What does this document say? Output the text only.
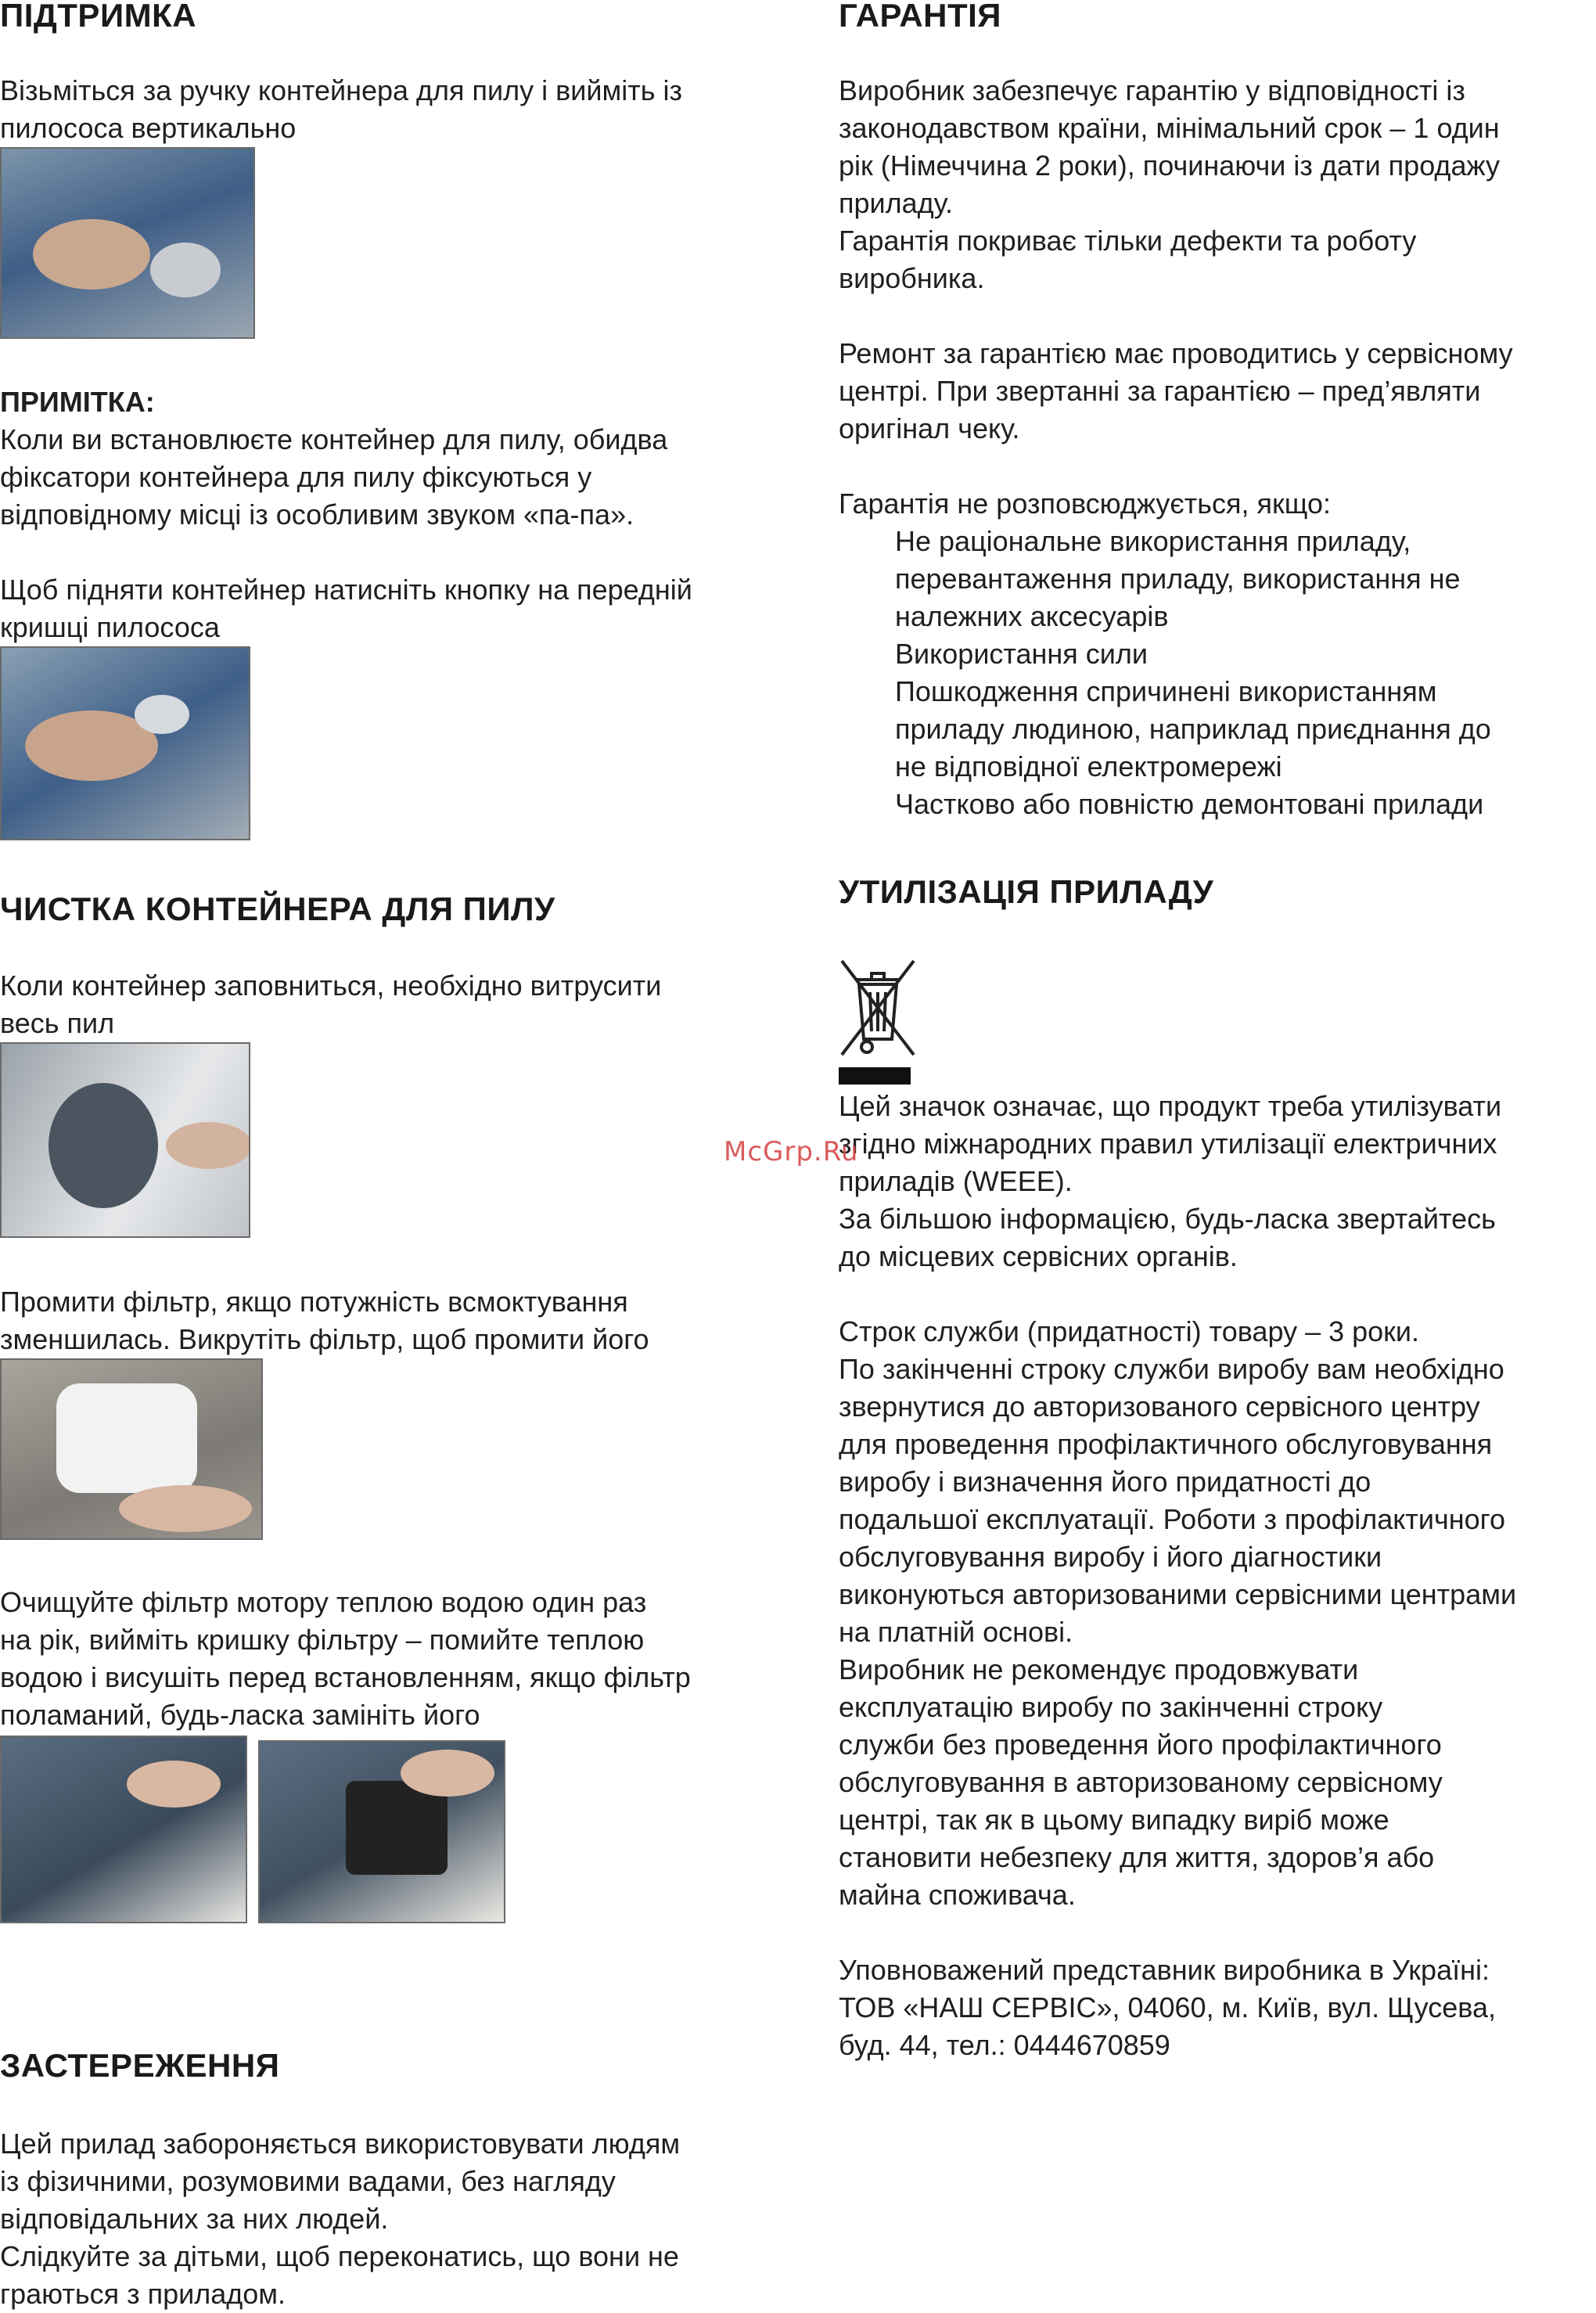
ПІДТРИМКА

Візьміться за ручку контейнера для пилу і вийміть із
пилососа вертикально

ПРИМІТКА:
Коли ви встановлюєте контейнер для пилу, обидва
фіксатори контейнера для пилу фіксуються у
відповідному місці із особливим звуком «па-па».

Щоб підняти контейнер натисніть кнопку на передній
кришці пилососа

ЧИСТКА КОНТЕЙНЕРА ДЛЯ ПИЛУ

Коли контейнер заповниться, необхідно витрусити
весь пил

Промити фільтр, якщо потужність всмоктування
зменшилась. Викрутіть фільтр, щоб промити його

Очищуйте фільтр мотору теплою водою один раз
на рік, вийміть кришку фільтру – помийте теплою
водою і висушіть перед встановленням, якщо фільтр
поламаний, будь-ласка замініть його

ЗАСТЕРЕЖЕННЯ

Цей прилад забороняється використовувати людям
із фізичними, розумовими вадами, без нагляду
відповідальних за них людей.

Слідкуйте за дітьми, щоб переконатись, що вони не
граються з приладом.

ГАРАНТІЯ

Виробник забезпечує гарантію у відповідності із
законодавством країни, мінімальний срок – 1 один
рік (Німеччина 2 роки), починаючи із дати продажу
приладу.

Гарантія покриває тільки дефекти та роботу
виробника.

Ремонт за гарантією має проводитись у сервісному
центрі. При звертанні за гарантією – пред’являти
оригінал чеку.

Гарантія не розповсюджується, якщо:

Не раціональне використання приладу,
перевантаження приладу, використання не
належних аксесуарів
Використання сили
Пошкодження спричинені використанням
приладу людиною, наприклад приєднання до
не відповідної електромережі
Частково або повністю демонтовані прилади
УТИЛІЗАЦІЯ ПРИЛАДУ

Цей значок означає, що продукт треба утилізувати
згідно міжнародних правил утилізації електричних
приладів (WEEE).

За більшою інформацією, будь-ласка звертайтесь
до місцевих сервісних органів.

Строк служби (придатності) товару – 3 роки.
По закінченні строку служби виробу вам необхідно
звернутися до авторизованого сервісного центру
для проведення профілактичного обслуговування
виробу і визначення його придатності до
подальшої експлуатації. Роботи з профілактичного
обслуговування виробу і його діагностики
виконуються авторизованими сервісними центрами
на платній основі.

Виробник не рекомендує продовжувати
експлуатацію виробу по закінченні строку
служби без проведення його профілактичного
обслуговування в авторизованому сервісному
центрі, так як в цьому випадку виріб може
становити небезпеку для життя, здоров’я або
майна споживача.

Уповноважений представник виробника в Україні:
ТОВ «НАШ СЕРВІС», 04060, м. Київ, вул. Щусева,
буд. 44, тел.: 0444670859

McGrp.Ru
